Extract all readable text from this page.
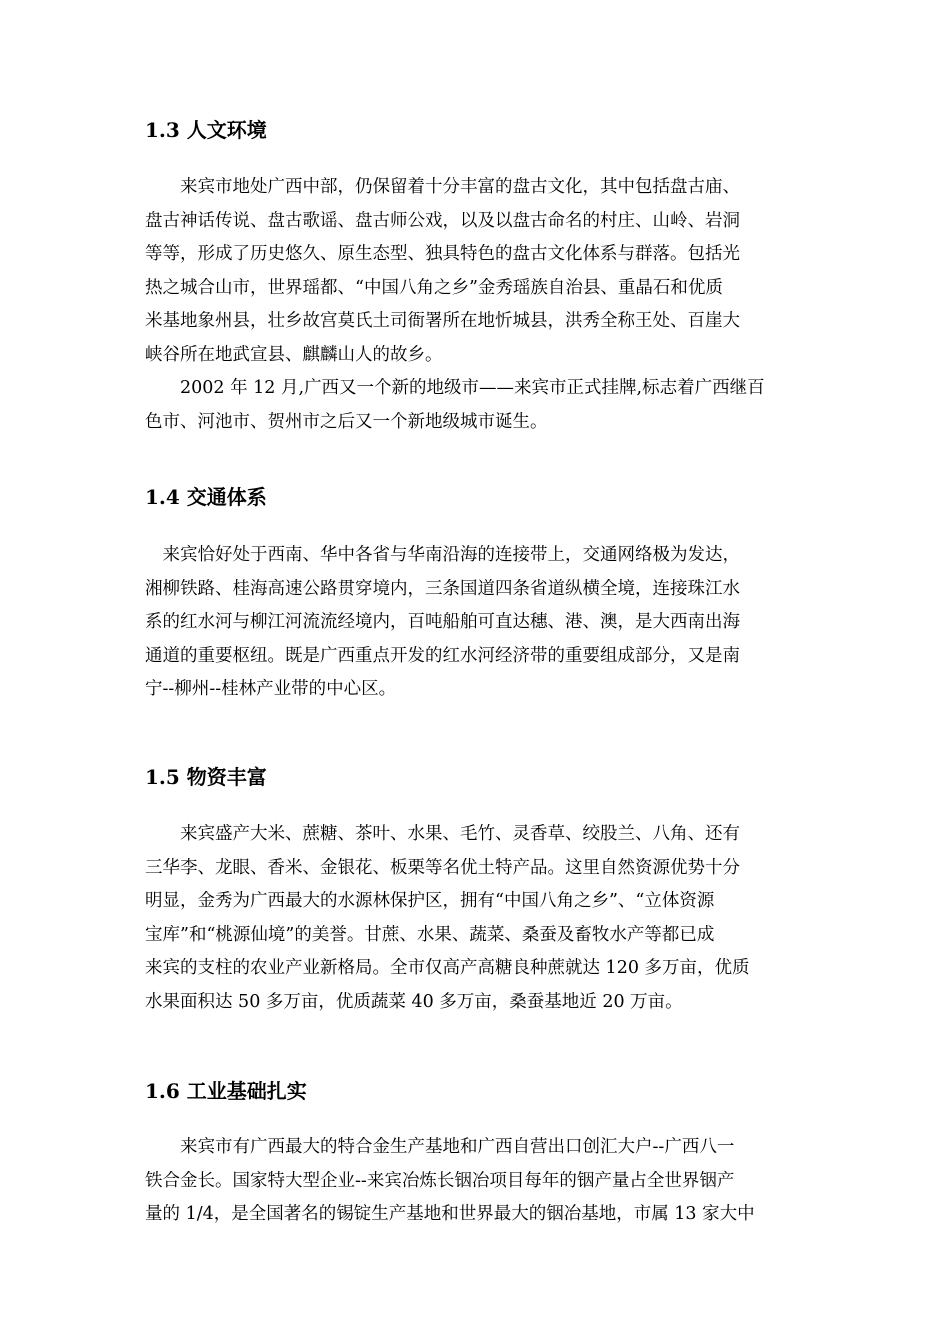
1.3 人文环境
　　来宾市地处广西中部，仍保留着十分丰富的盘古文化，其中包括盘古庙、
盘古神话传说、盘古歌谣、盘古师公戏，以及以盘古命名的村庄、山岭、岩洞
等等，形成了历史悠久、原生态型、独具特色的盘古文化体系与群落。包括光
热之城合山市，世界瑶都、“中国八角之乡”金秀瑶族自治县、重晶石和优质
米基地象州县，壮乡故宫莫氏土司衙署所在地忻城县，洪秀全称王处、百崖大
峡谷所在地武宣县、麒麟山人的故乡。
　　2002 年 12 月,广西又一个新的地级市——来宾市正式挂牌,标志着广西继百
色市、河池市、贺州市之后又一个新地级城市诞生。
1.4 交通体系
　来宾恰好处于西南、华中各省与华南沿海的连接带上，交通网络极为发达，
湘柳铁路、桂海高速公路贯穿境内，三条国道四条省道纵横全境，连接珠江水
系的红水河与柳江河流流经境内，百吨船舶可直达穗、港、澳，是大西南出海
通道的重要枢纽。既是广西重点开发的红水河经济带的重要组成部分，又是南
宁--柳州--桂林产业带的中心区。
1.5 物资丰富
　　来宾盛产大米、蔗糖、茶叶、水果、毛竹、灵香草、绞股兰、八角、还有
三华李、龙眼、香米、金银花、板栗等名优土特产品。这里自然资源优势十分
明显，金秀为广西最大的水源林保护区，拥有“中国八角之乡”、“立体资源
宝库”和“桃源仙境”的美誉。甘蔗、水果、蔬菜、桑蚕及畜牧水产等都已成
来宾的支柱的农业产业新格局。全市仅高产高糖良种蔗就达 120 多万亩，优质
水果面积达 50 多万亩，优质蔬菜 40 多万亩，桑蚕基地近 20 万亩。
1.6 工业基础扎实
　　来宾市有广西最大的特合金生产基地和广西自营出口创汇大户--广西八一
铁合金长。国家特大型企业--来宾冶炼长铟冶项目每年的铟产量占全世界铟产
量的 1/4，是全国著名的锡锭生产基地和世界最大的铟冶基地，市属 13 家大中
